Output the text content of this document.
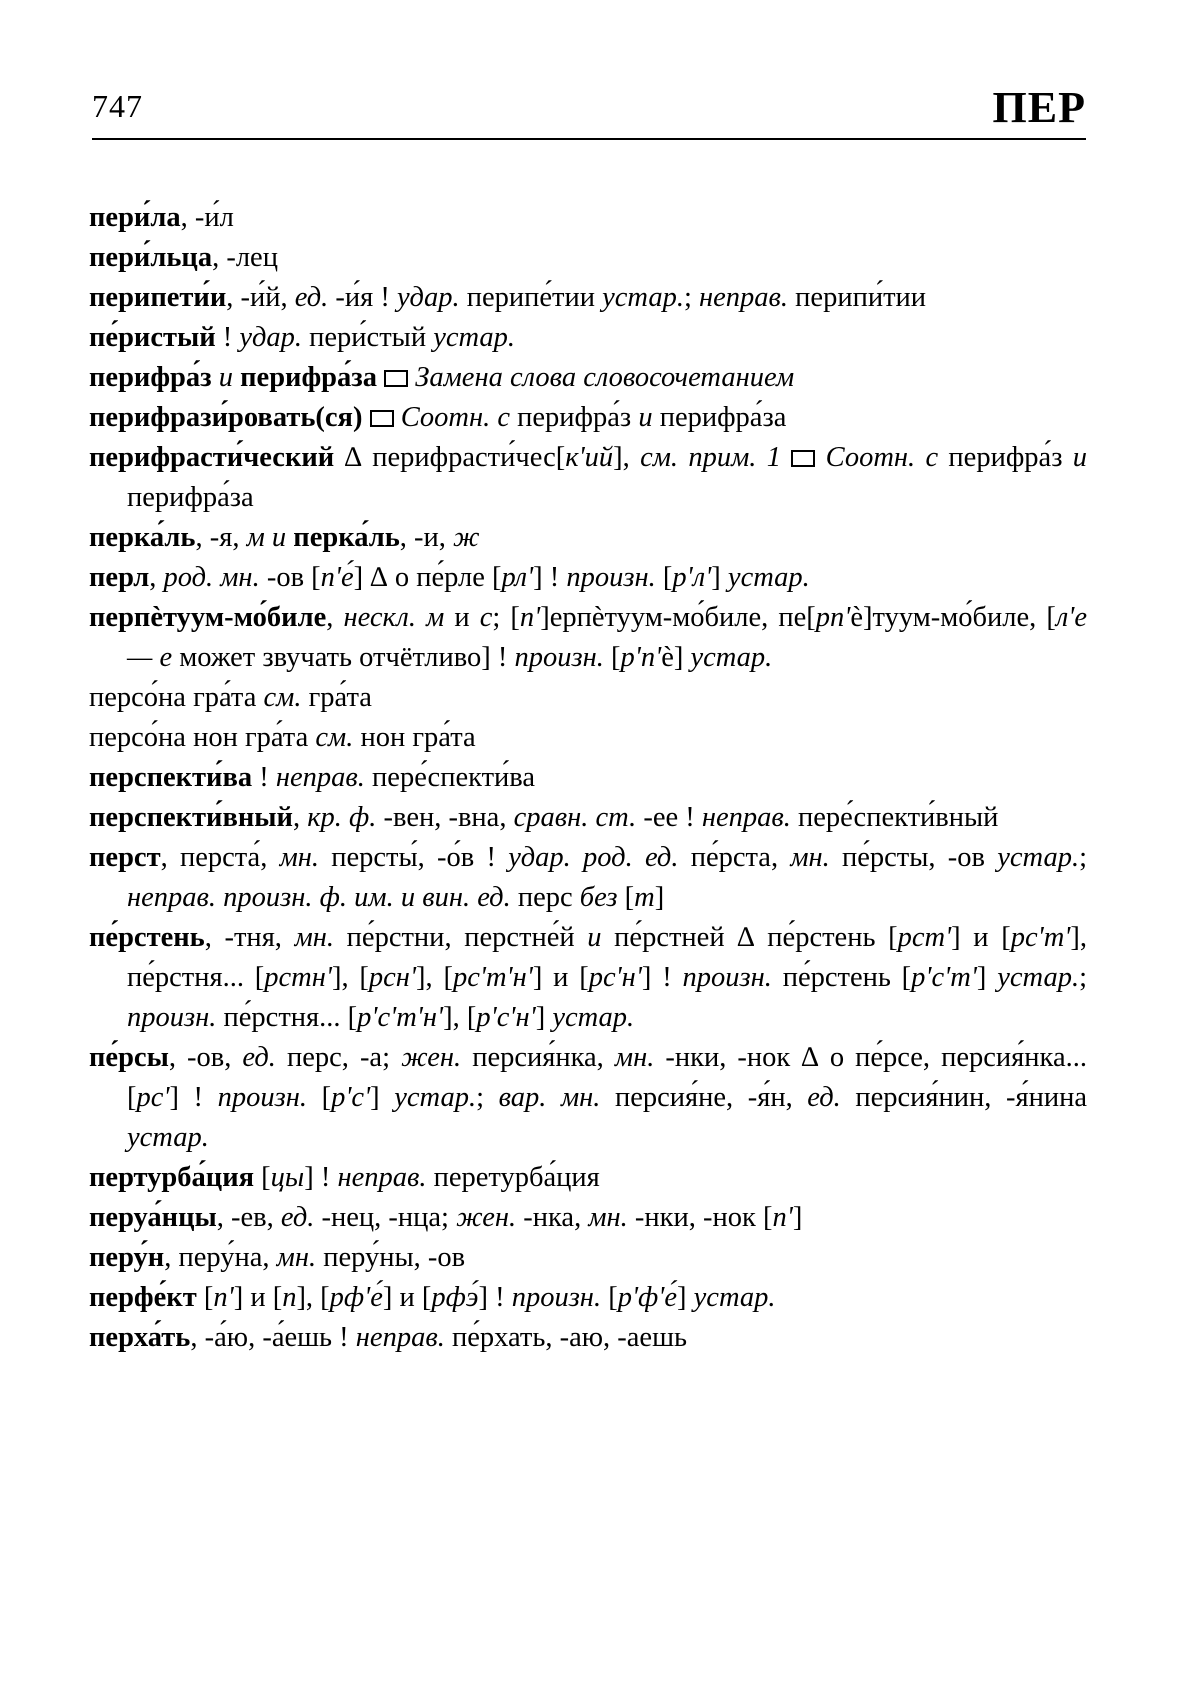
747	ПЕР

пери́ла, -и́л

пери́льца, -лец

перипети́и, -и́й, ед. -и́я ! удар. перипе́тии устар.; неправ. перипи́тии

пе́ристый ! удар. пери́стый устар.

перифра́з и перифра́за Замена слова словосочетанием

перифрази́ровать(ся) Соотн. с перифра́з и перифра́за

перифрасти́ческий ∆ перифрасти́чес[к'ий], см. прим. 1 Соотн. с перифра́з и перифра́за

перка́ль, -я, м и перка́ль, -и, ж

перл, род. мн. -ов [п'е́] ∆ о пе́рле [рл'] ! произн. [р'л'] устар.

перпѐтуум-мо́биле, нескл. м и с; [п']ерпѐтуум-мо́биле, пе[рп'è]туум-мо́биле, [л'е — е может звучать отчётливо] ! произн. [р'п'è] устар.

персо́на гра́та см. гра́та

персо́на нон гра́та см. нон гра́та

перспекти́ва ! неправ. пере́спекти́ва

перспекти́вный, кр. ф. -вен, -вна, сравн. ст. -ее ! неправ. пере́спекти́вный

перст, перста́, мн. персты́, -о́в ! удар. род. ед. пе́рста, мн. пе́рсты, -ов устар.; неправ. произн. ф. им. и вин. ед. перс без [т]

пе́рстень, -тня, мн. пе́рстни, перстне́й и пе́рстней ∆ пе́рстень [рст'] и [рс'т'], пе́рстня... [рстн'], [рсн'], [рс'т'н'] и [рс'н'] ! произн. пе́рстень [р'с'т'] устар.; произн. пе́рстня... [р'с'т'н'], [р'с'н'] устар.

пе́рсы, -ов, ед. перс, -а; жен. персия́нка, мн. -нки, -нок ∆ о пе́рсе, персия́нка... [рс'] ! произн. [р'с'] устар.; вар. мн. персия́не, -я́н, ед. персия́нин, -я́нина устар.

пертурба́ция [цы] ! неправ. перетурба́ция

перуа́нцы, -ев, ед. -нец, -нца; жен. -нка, мн. -нки, -нок [п']

перу́н, перу́на, мн. перу́ны, -ов

перфе́кт [п'] и [п], [рф'е́] и [рфэ́] ! произн. [р'ф'е́] устар.

перха́ть, -а́ю, -а́ешь ! неправ. пе́рхать, -аю, -аешь
